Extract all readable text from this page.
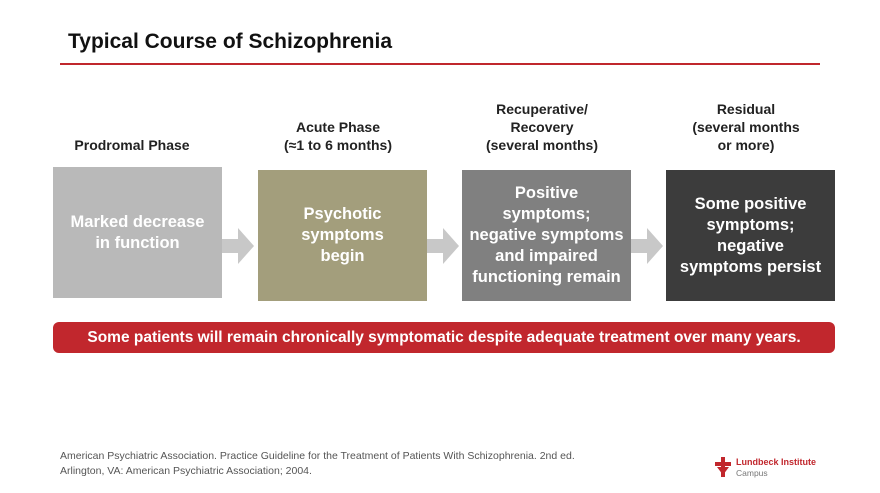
Typical Course of Schizophrenia
Prodromal Phase
Acute Phase
(≈1 to 6 months)
Recuperative/
Recovery
(several months)
Residual
(several months
or more)
Marked decrease
in function
Psychotic
symptoms
begin
Positive
symptoms;
negative symptoms
and impaired
functioning remain
Some positive
symptoms;
negative
symptoms persist
Some patients will remain chronically symptomatic despite adequate treatment over many years.
American Psychiatric Association. Practice Guideline for the Treatment of Patients With Schizophrenia. 2nd ed.
Arlington, VA: American Psychiatric Association; 2004.
Lundbeck Institute
Campus
